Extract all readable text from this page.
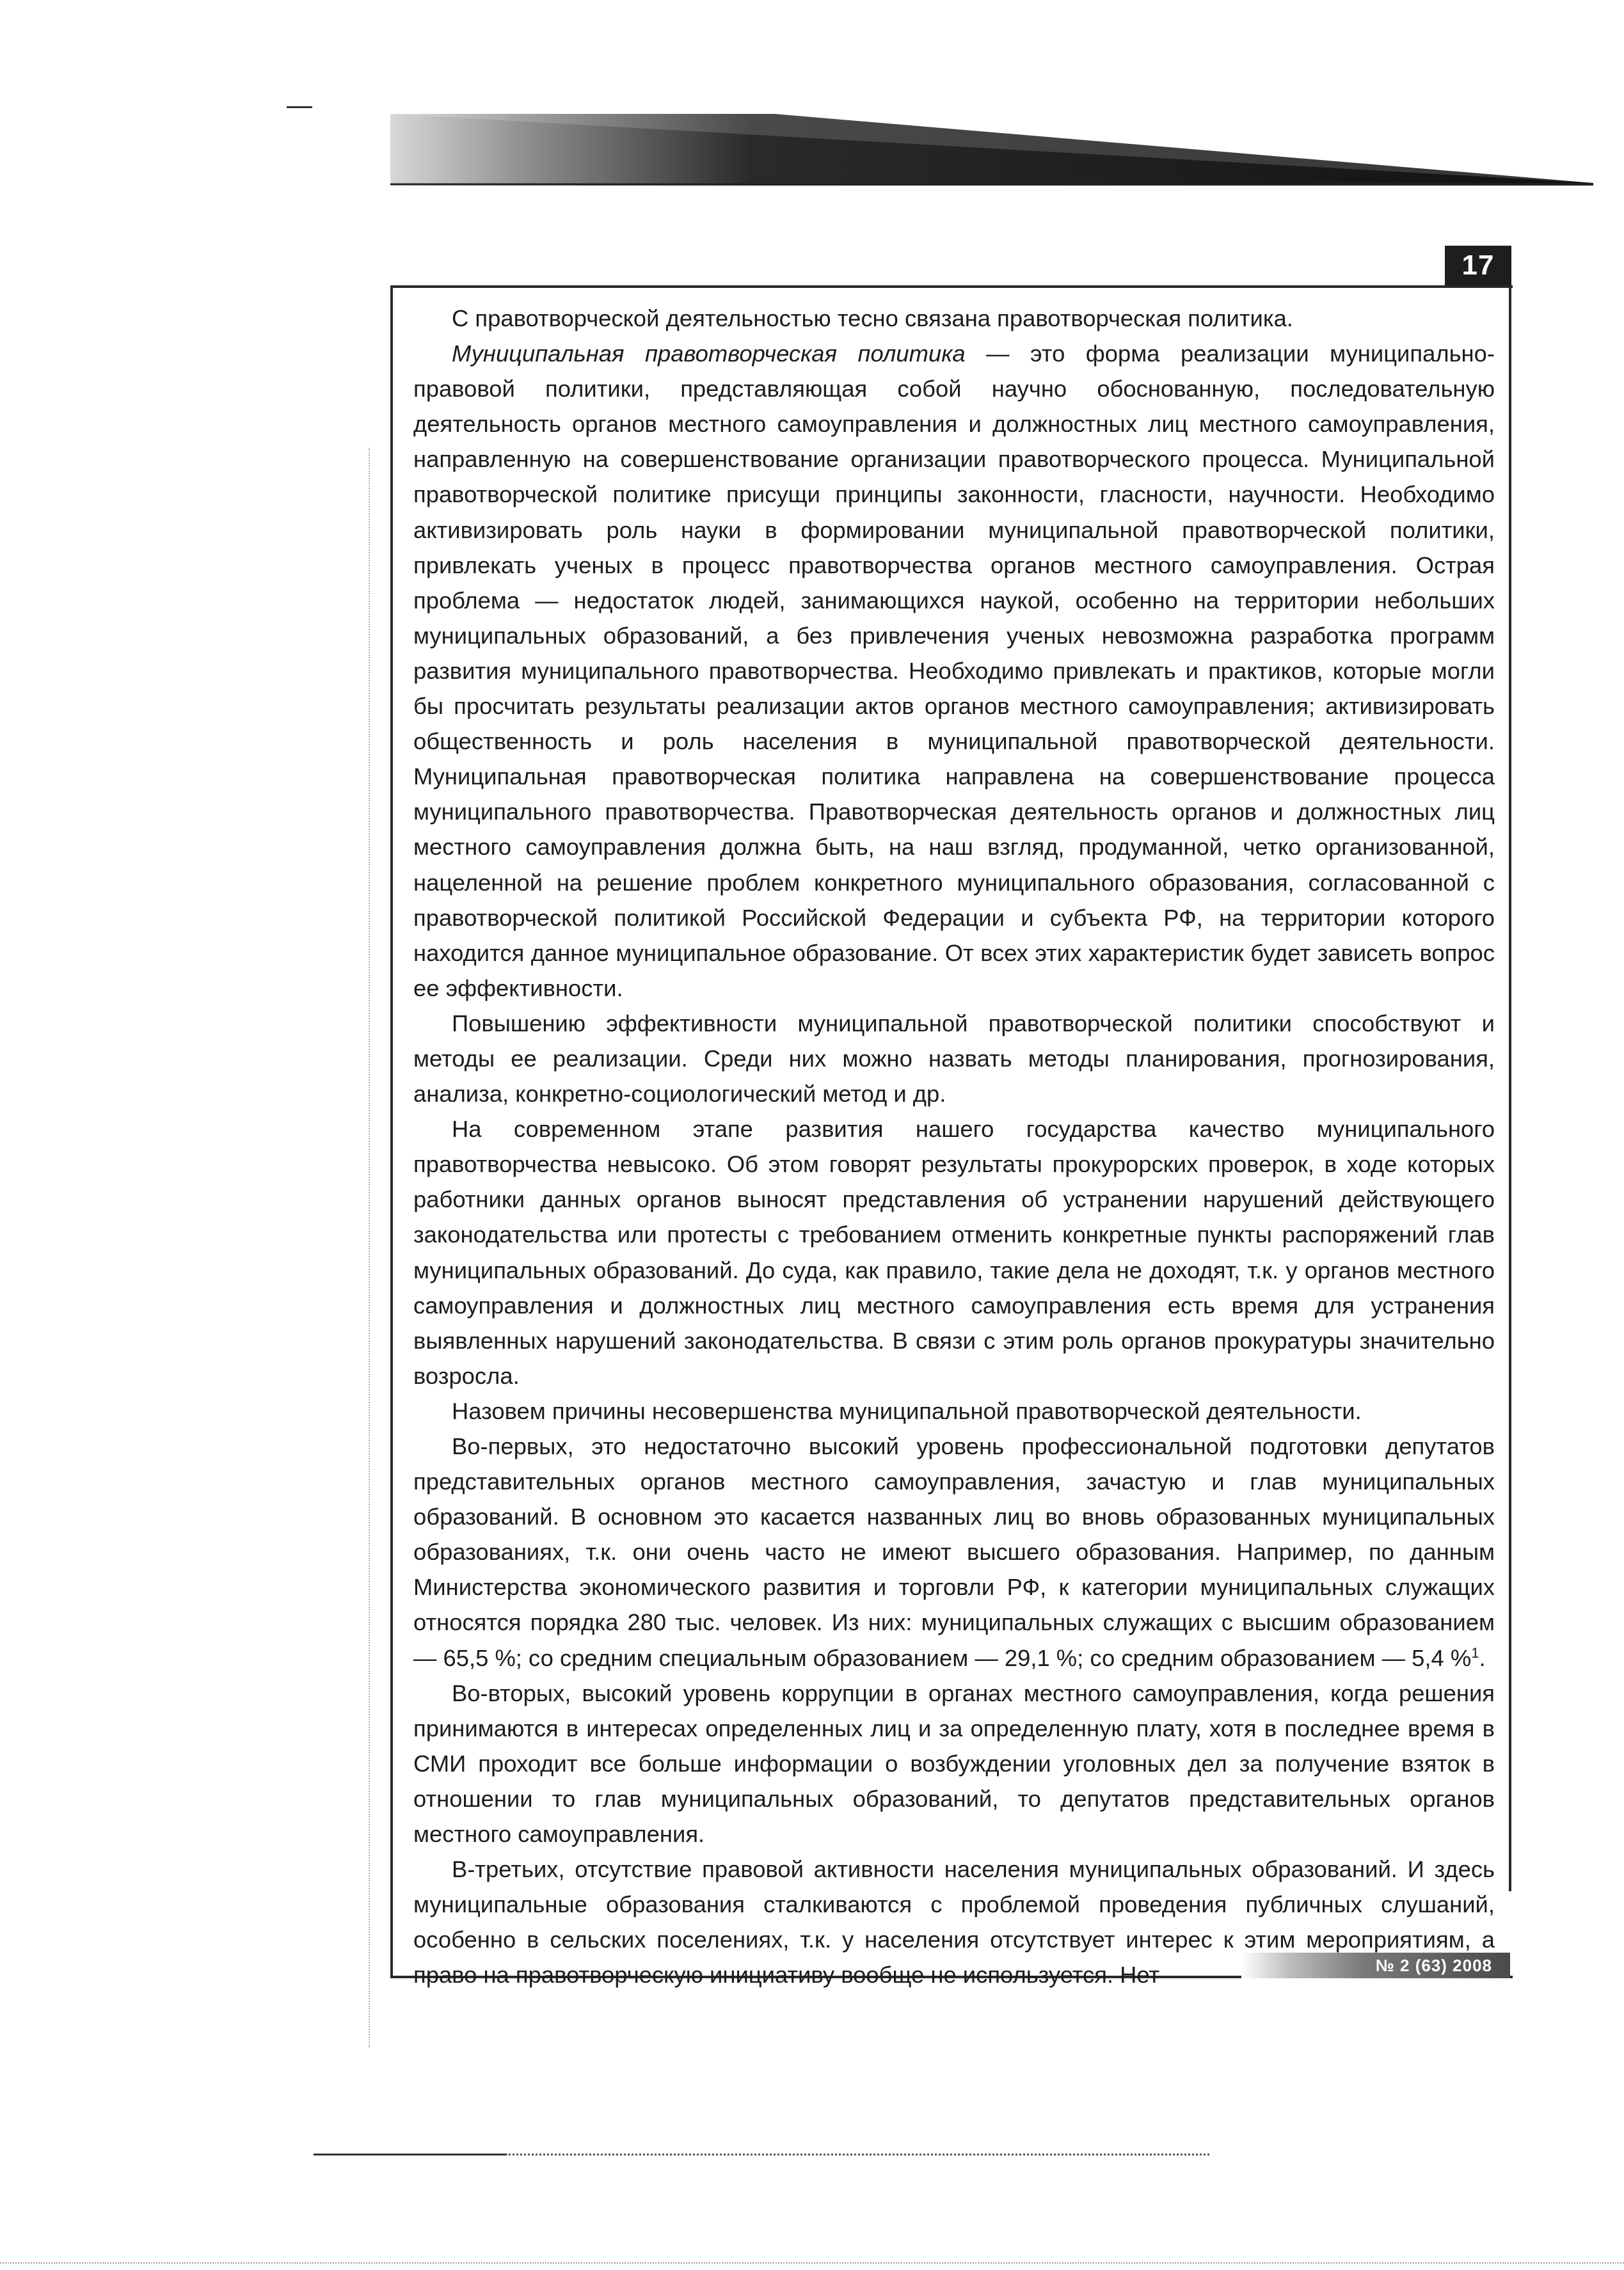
17

С правотворческой деятельностью тесно связана правотворческая политика.

Муниципальная правотворческая политика — это форма реализации муниципально-правовой политики, представляющая собой научно обоснованную, последовательную деятельность органов местного самоуправления и должностных лиц местного самоуправления, направленную на совершенствование организации правотворческого процесса. Муниципальной правотворческой политике присущи принципы законности, гласности, научности. Необходимо активизировать роль науки в формировании муниципальной правотворческой политики, привлекать ученых в процесс правотворчества органов местного самоуправления. Острая проблема — недостаток людей, занимающихся наукой, особенно на территории небольших муниципальных образований, а без привлечения ученых невозможна разработка программ развития муниципального правотворчества. Необходимо привлекать и практиков, которые могли бы просчитать результаты реализации актов органов местного самоуправления; активизировать общественность и роль населения в муниципальной правотворческой деятельности. Муниципальная правотворческая политика направлена на совершенствование процесса муниципального правотворчества. Правотворческая деятельность органов и должностных лиц местного самоуправления должна быть, на наш взгляд, продуманной, четко организованной, нацеленной на решение проблем конкретного муниципального образования, согласованной с правотворческой политикой Российской Федерации и субъекта РФ, на территории которого находится данное муниципальное образование. От всех этих характеристик будет зависеть вопрос ее эффективности.

Повышению эффективности муниципальной правотворческой политики способствуют и методы ее реализации. Среди них можно назвать методы планирования, прогнозирования, анализа, конкретно-социологический метод и др.

На современном этапе развития нашего государства качество муниципального правотворчества невысоко. Об этом говорят результаты прокурорских проверок, в ходе которых работники данных органов выносят представления об устранении нарушений действующего законодательства или протесты с требованием отменить конкретные пункты распоряжений глав муниципальных образований. До суда, как правило, такие дела не доходят, т.к. у органов местного самоуправления и должностных лиц местного самоуправления есть время для устранения выявленных нарушений законодательства. В связи с этим роль органов прокуратуры значительно возросла.

Назовем причины несовершенства муниципальной правотворческой деятельности.

Во-первых, это недостаточно высокий уровень профессиональной подготовки депутатов представительных органов местного самоуправления, зачастую и глав муниципальных образований. В основном это касается названных лиц во вновь образованных муниципальных образованиях, т.к. они очень часто не имеют высшего образования. Например, по данным Министерства экономического развития и торговли РФ, к категории муниципальных служащих относятся порядка 280 тыс. человек. Из них: муниципальных служащих с высшим образованием — 65,5 %; со средним специальным образованием — 29,1 %; со средним образованием — 5,4 %$^1$.

Во-вторых, высокий уровень коррупции в органах местного самоуправления, когда решения принимаются в интересах определенных лиц и за определенную плату, хотя в последнее время в СМИ проходит все больше информации о возбуждении уголовных дел за получение взяток в отношении то глав муниципальных образований, то депутатов представительных органов местного самоуправления.

В-третьих, отсутствие правовой активности населения муниципальных образований. И здесь муниципальные образования сталкиваются с проблемой проведения публичных слушаний, особенно в сельских поселениях, т.к. у населения отсутствует интерес к этим мероприятиям, а право на правотворческую инициативу вообще не используется. Нет	№ 2 (63) 2008
